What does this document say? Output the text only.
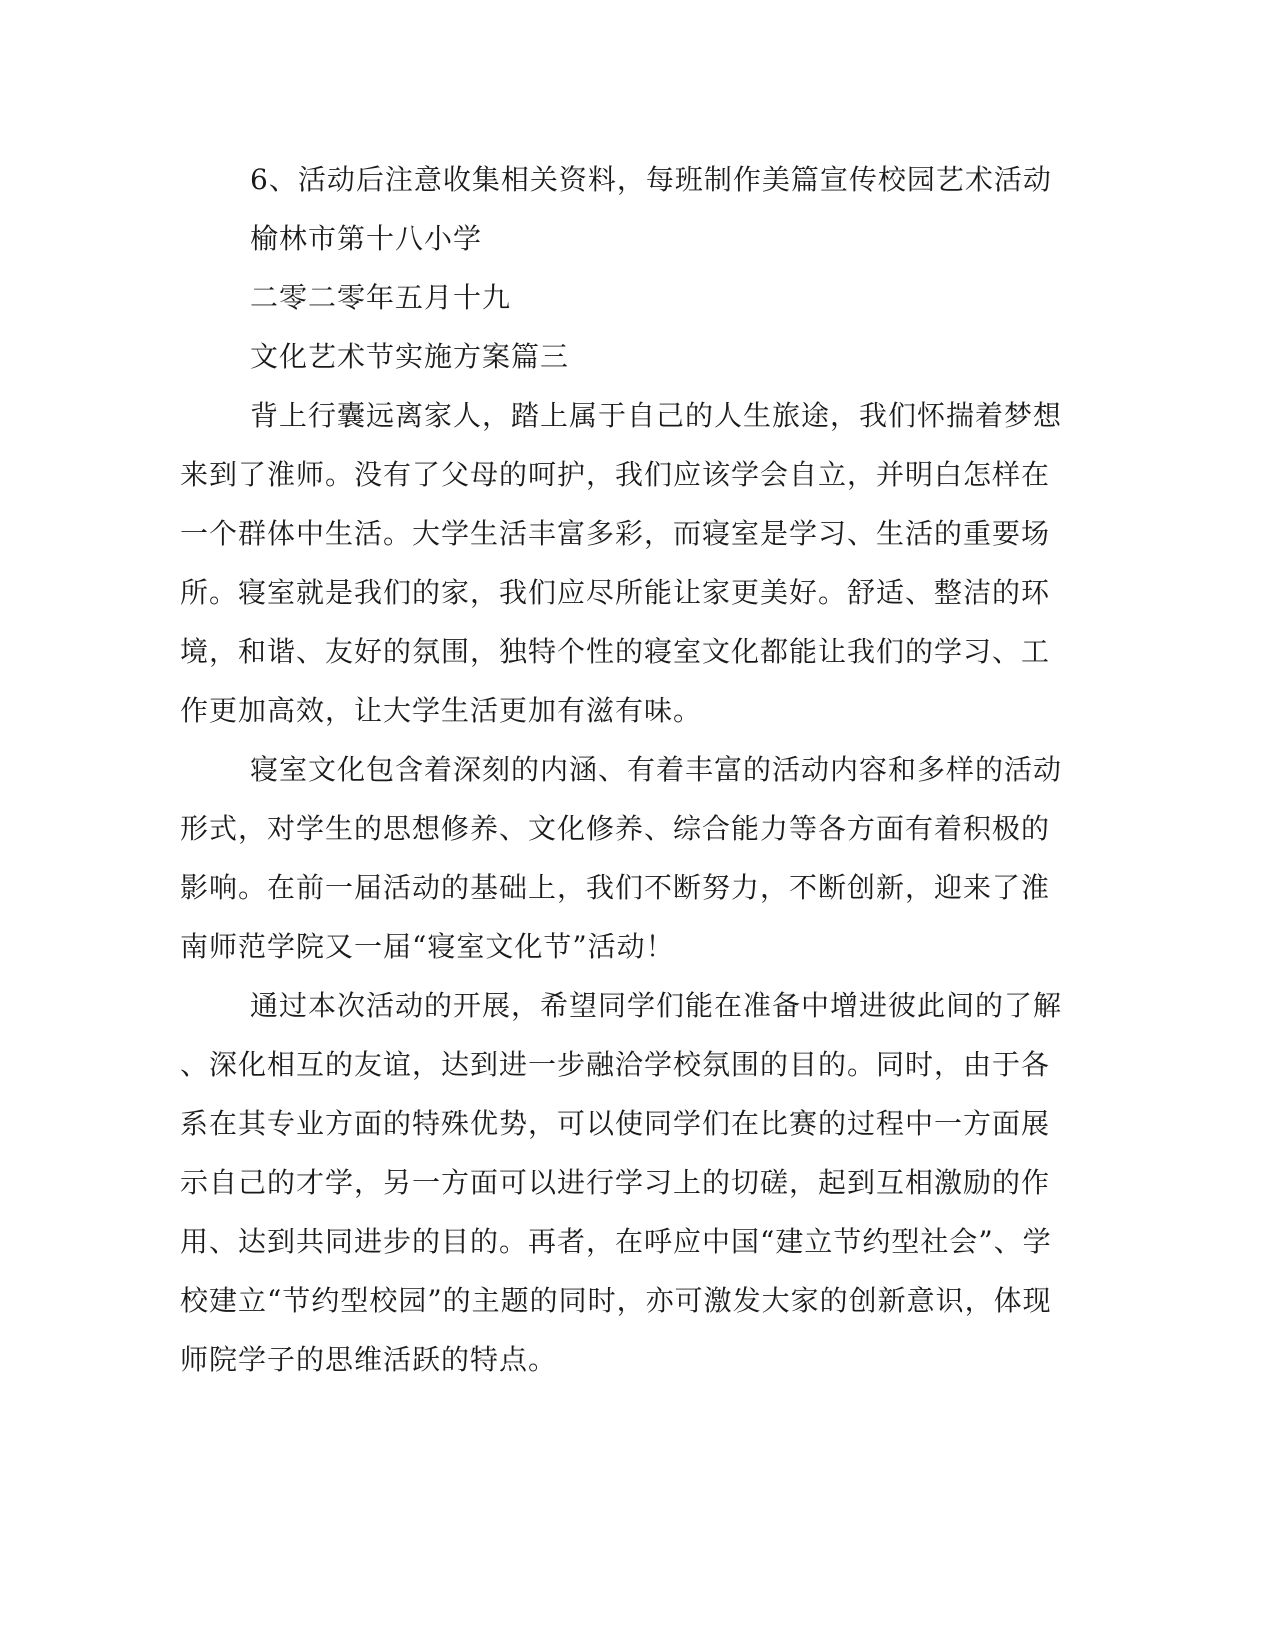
6、活动后注意收集相关资料，每班制作美篇宣传校园艺术活动
榆林市第十八小学
二零二零年五月十九
文化艺术节实施方案篇三
背上行囊远离家人，踏上属于自己的人生旅途，我们怀揣着梦想
来到了淮师。没有了父母的呵护，我们应该学会自立，并明白怎样在
一个群体中生活。大学生活丰富多彩，而寝室是学习、生活的重要场
所。寝室就是我们的家，我们应尽所能让家更美好。舒适、整洁的环
境，和谐、友好的氛围，独特个性的寝室文化都能让我们的学习、工
作更加高效，让大学生活更加有滋有味。
寝室文化包含着深刻的内涵、有着丰富的活动内容和多样的活动
形式，对学生的思想修养、文化修养、综合能力等各方面有着积极的
影响。在前一届活动的基础上，我们不断努力，不断创新，迎来了淮
南师范学院又一届“寝室文化节”活动！
通过本次活动的开展，希望同学们能在准备中增进彼此间的了解
、深化相互的友谊，达到进一步融洽学校氛围的目的。同时，由于各
系在其专业方面的特殊优势，可以使同学们在比赛的过程中一方面展
示自己的才学，另一方面可以进行学习上的切磋，起到互相激励的作
用、达到共同进步的目的。再者，在呼应中国“建立节约型社会”、学
校建立“节约型校园”的主题的同时，亦可激发大家的创新意识，体现
师院学子的思维活跃的特点。
